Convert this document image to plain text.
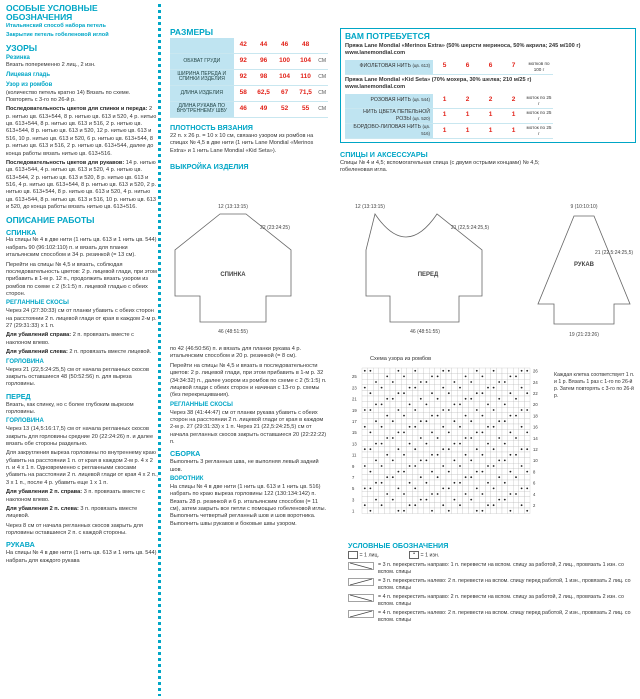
ОСОБЫЕ УСЛОВНЫЕ ОБОЗНАЧЕНИЯ

Итальянский способ набора петель

Закрытие петель гобеленовой иглой

УЗОРЫ
Резинка

Вязать попеременно 2 лиц., 2 изн.

Лицевая гладь
Узор из ромбов

(количество петель кратно 14) Вязать по схеме. Повторять с 3-го по 26-й р.

Последовательность цветов для спинки и переда: 2 р. нитью цв. 613+544, 8 р. нитью цв. 613 и 520, 4 р. нитью цв. 613+544, 8 р. нитью цв. 613 и 516, 2 р. нитью цв. 613+544, 8 р. нитью цв. 613 и 520, 12 р. нитью цв. 613 и 516, 10 р. нитью цв. 613 и 520, 6 р. нитью цв. 613+544, 8 р. нитью цв. 613 и 516, 2 р. нитью цв. 613+544, далее до конца работы вязать нитью цв. 613+516.

Последовательность цветов для рукавов: 14 р. нитью цв. 613+544, 4 р. нитью цв. 613 и 520, 4 р. нитью цв. 613+544, 2 р. нитью цв. 613 и 520, 8 р. нитью цв. 613 и 516, 4 р. нитью цв. 613+544, 8 р. нитью цв. 613 и 520, 2 р. нитью цв. 613+544, 8 р. нитью цв. 613 и 520, 4 р. нитью цв. 613+544, 8 р. нитью цв. 613 и 516, 10 р. нитью цв. 613 и 520, до конца работы вязать нитью цв. 613+516.

ОПИСАНИЕ РАБОТЫ
СПИНКА

На спицы № 4 в две нити (1 нить цв. 613 и 1 нить цв. 544) набрать 90 (96:102:110) п. и вязать для планки итальянским способом и 34 р. резинкой (= 13 см).

Перейти на спицы № 4,5 и вязать, соблюдая последовательность цветов: 2 р. лицевой глади, при этом прибавить в 1-м р. 12 п., продолжить вязать узором из ромбов по схеме с 2 (5:1:5) п. лицевой гладью с обеих сторон.

РЕГЛАННЫЕ СКОСЫ

Через 24 (27:30:33) см от планки убавить с обеих сторон на расстоянии 2 п. лицевой глади от края в каждом 2-м р. 27 (29:31:33) х 1 п.

Для убавлений справа: 2 п. провязать вместе с наклоном влево.

Для убавлений слева: 2 п. провязать вместе лицевой.

ГОРЛОВИНА

Через 21 (22,5:24:25,5) см от начала регланных скосов закрыть оставшиеся 48 (50:52:56) п. для выреза горловины.

ПЕРЕД

Вязать, как спинку, но с более глубоким вырезом горловины.

ГОРЛОВИНА

Через 13 (14,5:16:17,5) см от начала регланных скосов закрыть для горловины средние 20 (22:24:26) п. и далее вязать обе стороны раздельно.

Для закругления выреза горловины по внутреннему краю убавить на расстоянии 1 п. от края в каждом 2-м р. 4 х 2 п. и 4 х 1 п. Одновременно с регланными скосами убавить на расстоянии 2 п. лицевой глади от края 4 х 2 п., 3 х 1 п., после 4 р. убавить еще 1 х 1 п.

Для убавления 2 п. справа: 3 п. провязать вместе с наклоном влево.

Для убавления 2 п. слева: 3 п. провязать вместе лицевой.

Через 8 см от начала регланных скосов закрыть для горловины оставшиеся 2 п. с каждой стороны.

РУКАВА

На спицы № 4 в две нити (1 нить цв. 613 и 1 нить цв. 544) набрать для каждого рукава

РАЗМЕРЫ
	42	44	46	48	
ОБХВАТ ГРУДИ	92	96	100	104	СМ
ШИРИНА ПЕРЕДА И СПИНКИ ИЗДЕЛИЯ	92	98	104	110	СМ
ДЛИНА ИЗДЕЛИЯ	58	62,5	67	71,5	СМ
ДЛИНА РУКАВА ПО ВНУТРЕННЕМУ ШВУ	46	49	52	55	СМ
ПЛОТНОСТЬ ВЯЗАНИЯ

22 п. х 26 р. = 10 х 10 см, связано узором из ромбов на спицах № 4,5 в две нити (1 нить Lane Mondial «Merinos Extra» и 1 нить Lane Mondial «Kid Seta»).

ВЫКРОЙКА ИЗДЕЛИЯ

по 42 (46:50:56) п. и вязать для планки рукава 4 р. итальянским способом и 20 р. резинкой (= 8 см).

Перейти на спицы № 4,5 и вязать в последовательности цветов: 2 р. лицевой глади, при этом прибавить в 1-м р. 32 (34:34:32) п., далее узором из ромбов по схеме с 2 (5:1:5) п. лицевой глади с обеих сторон и начиная с 13-го р. схемы (без перекрещивания).

РЕГЛАННЫЕ СКОСЫ

Через 38 (41:44:47) см от планки рукава убавить с обеих сторон на расстоянии 2 п. лицевой глади от края в каждом 2-м р. 27 (29:31:33) х 1 п. Через 21 (22,5:24:25,5) см от начала регланных скосов закрыть оставшиеся 20 (22:22:22) п.

СБОРКА

Выполнить 3 регланных шва, не выполняя левый задний шов.

ВОРОТНИК

На спицы № 4 в две нити (1 нить цв. 613 и 1 нить цв. 516) набрать по краю выреза горловины 122 (130:134:142) п. Вязать 28 р. резинкой и 6 р. итальянским способом (= 11 см), затем закрыть все петли с помощью гобеленовой иглы. Выполнить четвертый регланный шов и шов воротника. Выполнить швы рукавов и боковые швы узором.

ВАМ ПОТРЕБУЕТСЯ
Пряжа Lane Mondial «Merinos Extra» (50% шерсти мериноса, 50% акрила; 245 м/100 г)
www.lanemondial.com
ФИОЛЕТОВАЯ НИТЬ (цв. 613)	5	6	6	7	мотков по 100 г
Пряжа Lane Mondial «Kid Seta» (70% мохера, 30% шелка; 210 м/25 г)
www.lanemondial.com
РОЗОВАЯ НИТЬ (цв. 544)	1	2	2	2	моток по 25 г
НИТЬ ЦВЕТА ПЕПЕЛЬНОЙ РОЗЫ (цв. 520)	1	1	1	1	моток по 25 г
БОРДОВО-ЛИЛОВАЯ НИТЬ (цв. 516)	1	1	1	1	моток по 25 г
СПИЦЫ И АКСЕССУАРЫ

Спицы № 4 и 4,5; вспомогательная спица (с двумя острыми концами) № 4,5; гобеленовая игла.

СПИНКА
12 (13:13:15)
22 (23:24:25)
46 (48:51:55)
ПЕРЕД
12 (13:13:15)
21 (22,5:24:25,5)
46 (48:51:55)
РУКАВ
9 (10:10:10)
21 (22,5:24:25,5)
19 (21:23:26)
Схема узора из ромбов
26
25
24
23
22
21
20
19
18
17
16
15
14
13
12
11
10
9
8
7
6
5
4
3
2
1

Каждая клетка соответствует 1 п. и 1 р. Вязать 1 раз с 1-го по 26-й р. Затем повторять с 3-го по 26-й р.

УСЛОВНЫЕ ОБОЗНАЧЕНИЯ
= 1 лиц.	• = 1 изн.
= 3 п. перекрестить направо: 1 п. перевести на вспом. спицу за работой, 2 лиц., провязать 1 изн. со вспом. спицы
= 3 п. перекрестить налево: 2 п. перевести на вспом. спицу перед работой, 1 изн., провязать 2 лиц. со вспом. спицы
= 4 п. перекрестить направо: 2 п. перевести на вспом. спицу за работой, 2 лиц., провязать 2 изн. со вспом. спицы
= 4 п. перекрестить налево: 2 п. перевести на вспом. спицу перед работой, 2 изн., провязать 2 лиц. со вспом. спицы
